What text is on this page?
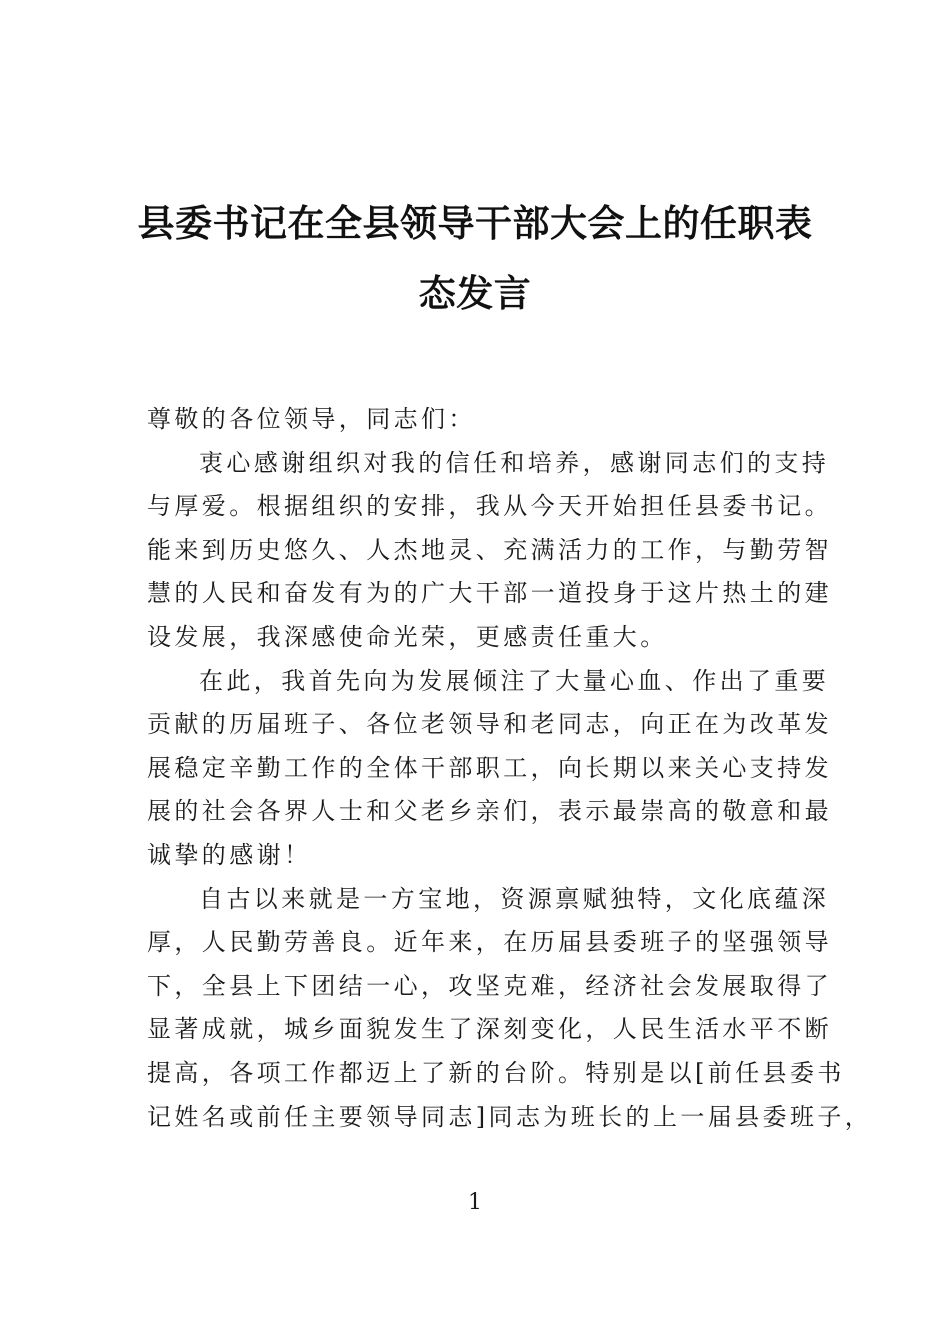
县委书记在全县领导干部大会上的任职表
态发言

尊敬的各位领导，同志们：

衷心感谢组织对我的信任和培养，感谢同志们的支持
与厚爱。根据组织的安排，我从今天开始担任县委书记。
能来到历史悠久、人杰地灵、充满活力的工作，与勤劳智
慧的人民和奋发有为的广大干部一道投身于这片热土的建
设发展，我深感使命光荣，更感责任重大。

在此，我首先向为发展倾注了大量心血、作出了重要
贡献的历届班子、各位老领导和老同志，向正在为改革发
展稳定辛勤工作的全体干部职工，向长期以来关心支持发
展的社会各界人士和父老乡亲们，表示最崇高的敬意和最
诚挚的感谢！

自古以来就是一方宝地，资源禀赋独特，文化底蕴深
厚，人民勤劳善良。近年来，在历届县委班子的坚强领导
下，全县上下团结一心，攻坚克难，经济社会发展取得了
显著成就，城乡面貌发生了深刻变化，人民生活水平不断
提高，各项工作都迈上了新的台阶。特别是以[前任县委书
记姓名或前任主要领导同志]同志为班长的上一届县委班子，

1
